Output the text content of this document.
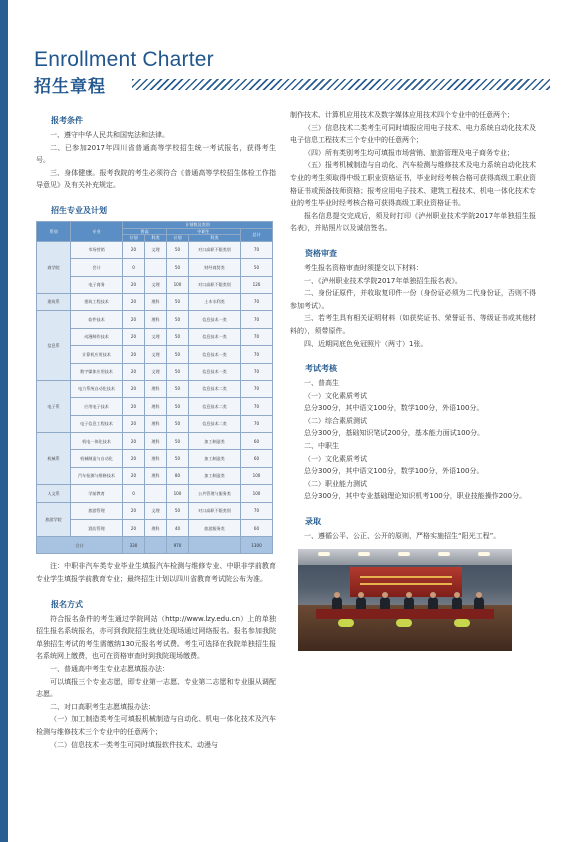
Enrollment Charter
招生章程
报考条件
一、遵守中华人民共和国宪法和法律。
二、已参加2017年四川省普通高等学校招生统一考试报名，获得考生号。
三、身体健康。报考我院的考生必须符合《普通高等学校招生体检工作指导意见》及有关补充规定。
招生专业及计划
系别	专业	计划数及类别				
		普高		中职生		总计
		计划	科类	计划	科类	
商学院	市场营销	20	文理	50	对口高职不限类别	70
	会计	0		50	财经商贸类	50
	电子商务	20	文理	100	对口高职不限类别	120
建筑系	建筑工程技术	20	理科	50	土木水利类	70
信息系	软件技术	20	理科	50	信息技术一类	70
	动漫制作技术	20	文理	50	信息技术一类	70
	计算机应用技术	20	文理	50	信息技术一类	70
	数字媒体应用技术	20	文理	50	信息技术一类	70
电子系	电力系统自动化技术	20	理科	50	信息技术二类	70
	应用电子技术	20	理科	50	信息技术二类	70
	电子信息工程技术	20	理科	50	信息技术二类	70
机械系	机电一体化技术	20	理科	50	加工制造类	60
	机械制造与自动化	20	理科	50	加工制造类	60
	汽车检测与维修技术	20	理科	80	加工制造类	100
人文系	学前教育	0		100	公共管理与服务类	100
旅游学院	旅游管理	20	文理	50	对口高职不限类别	70
	酒店管理	20	理科	40	旅游服务类	60
合计		330		970		1300
注：中职非汽车类专业毕业生填报汽车检测与维修专业、中职非学前教育专业学生填报学前教育专业；最终招生计划以四川省教育考试院公布为准。
报名方式
符合报名条件的考生通过学院网站（http://www.lzy.edu.cn）上的单独招生报名系统报名，亦可到我院招生就业处现场通过网络报名。报名参加我院单独招生考试的考生需缴纳130元报名考试费。考生可选择在我院单独招生报名系统网上缴费，也可在资格审查时到我院现场缴费。
一、普通高中考生专业志愿填报办法：
可以填报三个专业志愿，即专业第一志愿、专业第二志愿和专业服从调配志愿。
二、对口高职考生志愿填报办法：
（一）加工制造类考生可填报机械制造与自动化、机电一体化技术及汽车检测与维修技术三个专业中的任意两个；
（二）信息技术一类考生可同时填报软件技术、动漫与
制作技术、计算机应用技术及数字媒体应用技术四个专业中的任意两个；
（三）信息技术二类考生可同时填报应用电子技术、电力系统自动化技术及电子信息工程技术三个专业中的任意两个；
（四）所有类别考生均可填报市场营销、旅游管理及电子商务专业；
（五）报考机械制造与自动化、汽车检测与维修技术及电力系统自动化技术专业的考生须取得中级工职业资格证书，毕业时经考核合格可获得高级工职业资格证书或预备技师资格；报考应用电子技术、建筑工程技术、机电一体化技术专业的考生毕业时经考核合格可获得高级工职业资格证书。
报名信息提交完成后，须及时打印《泸州职业技术学院2017年单独招生报名表》，并贴照片以及诚信签名。
资格审查
考生报名资格审查时须提交以下材料：
一、《泸州职业技术学院2017年单独招生报名表》。
二、身份证原件，并收取复印件一份（身份证必须为二代身份证，否则不得参加考试）。
三、若考生具有相关证明材料（如获奖证书、荣誉证书、等级证书或其他材料的），须带原件。
四、近期同底色免冠照片（两寸）1张。
考试考核
一、普高生
（一）文化素质考试
总分300分，其中语文100分，数学100分，外语100分。
（二）综合素质测试
总分300分，基础知识笔试200分，基本能力面试100分。
二、中职生
（一）文化素质考试
总分300分，其中语文100分，数学100分，外语100分。
（二）职业能力测试
总分300分，其中专业基础理论知识机考100分，职业技能操作200分。
录取
一、遵循公平、公正、公开的原则，严格实施招生“阳光工程”。
